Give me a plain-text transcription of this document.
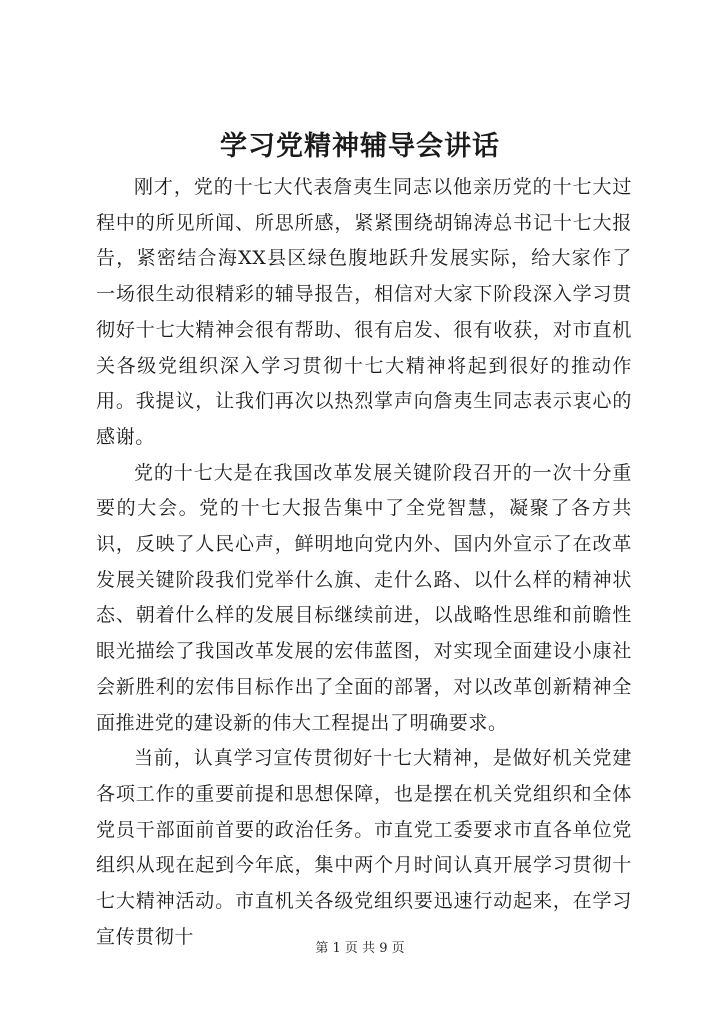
学习党精神辅导会讲话

刚才，党的十七大代表詹夷生同志以他亲历党的十七大过程中的所见所闻、所思所感，紧紧围绕胡锦涛总书记十七大报告，紧密结合海XX县区绿色腹地跃升发展实际，给大家作了一场很生动很精彩的辅导报告，相信对大家下阶段深入学习贯彻好十七大精神会很有帮助、很有启发、很有收获，对市直机关各级党组织深入学习贯彻十七大精神将起到很好的推动作用。我提议，让我们再次以热烈掌声向詹夷生同志表示衷心的感谢。

党的十七大是在我国改革发展关键阶段召开的一次十分重要的大会。党的十七大报告集中了全党智慧，凝聚了各方共识，反映了人民心声，鲜明地向党内外、国内外宣示了在改革发展关键阶段我们党举什么旗、走什么路、以什么样的精神状态、朝着什么样的发展目标继续前进，以战略性思维和前瞻性眼光描绘了我国改革发展的宏伟蓝图，对实现全面建设小康社会新胜利的宏伟目标作出了全面的部署，对以改革创新精神全面推进党的建设新的伟大工程提出了明确要求。

当前，认真学习宣传贯彻好十七大精神，是做好机关党建各项工作的重要前提和思想保障，也是摆在机关党组织和全体党员干部面前首要的政治任务。市直党工委要求市直各单位党组织从现在起到今年底，集中两个月时间认真开展学习贯彻十七大精神活动。市直机关各级党组织要迅速行动起来，在学习宣传贯彻十

第 1 页 共 9 页
